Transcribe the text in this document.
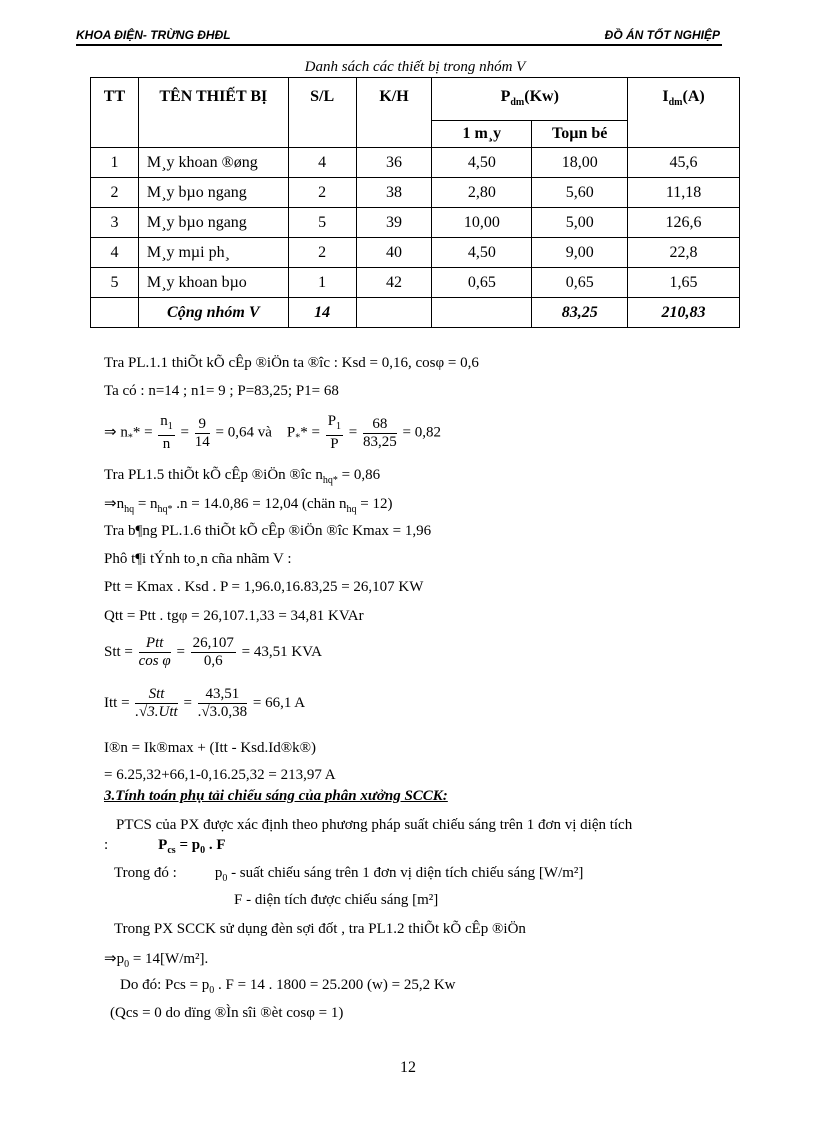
KHOA ĐIỆN- TRỪNG ĐHĐL	ĐỒ ÁN TỐT NGHIỆP
Danh sách các thiết bị trong nhóm V
TT	TÊN THIẾT BỊ	S/L	K/H	$P_{dm}(Kw)$		$I_{dm}(A)$
				1 m¸y	Toµn bé	
1	M¸y khoan ®øng	4	36	4,50	18,00	45,6
2	M¸y bµo ngang	2	38	2,80	5,60	11,18
3	M¸y bµo ngang	5	39	10,00	5,00	126,6
4	M¸y mµi ph¸	2	40	4,50	9,00	22,8
5	M¸y khoan bµo	1	42	0,65	0,65	1,65
	Cộng nhóm V	14			83,25	210,83
Tra PL.1.1 thiÕt kÕ cÊp ®iÖn ta ®îc : Ksd = 0,16, cosφ = 0,6
Ta có : n=14 ; n1= 9 ; P=83,25; P1= 68
⇒ $n_** = \frac{n_1}{n} = \frac{9}{14} = 0,64$ và $P_** = \frac{P_1}{P} = \frac{68}{83,25} = 0,82$
Tra PL1.5 thiÕt kÕ cÊp ®iÖn ®îc $n_{hq*} = 0,86$
$\Rightarrow n_{hq} = n_{hq*}$ .n = 14.0,86 = 12,04 (chän $n_{hq} = 12$)
Tra b¶ng PL.1.6 thiÕt kÕ cÊp ®iÖn ®îc Kmax = 1,96
Phô t¶i tÝnh to¸n cña nhãm V :
Ptt = Kmax . Ksd . P = 1,96.0,16.83,25 = 26,107 KW
Qtt = Ptt . tgφ = 26,107.1,33 = 34,81 KVAr
Stt = $\frac{\text{Ptt}}{\text{cos φ}} = \frac{26,107}{0,6} = 43,51$ KVA
Itt = $\frac{\text{Stt}}{\text{.√3.Utt}} = \frac{43,51}{.√3.0,38} = 66,1$ A
I®n = Ik®max + (Itt - Ksd.Id®k®)
= 6.25,32+66,1-0,16.25,32 = 213,97 A
3.Tính toán phụ tải chiếu sáng của phân xưởng SCCK:
PTCS của PX được xác định theo phương pháp suất chiếu sáng trên 1 đơn vị diện tích
:	$P_{cs} = p_0$ . F
Trong đó :	$p_0$ - suất chiếu sáng trên 1 đơn vị diện tích chiếu sáng [W/m²]
F - diện tích được chiếu sáng [m²]
Trong PX SCCK sử dụng đèn sợi đốt , tra PL1.2 thiÕt kÕ cÊp ®iÖn
$\Rightarrow p_0 = 14[W/m^2]$.
Do đó: Pcs = $p_0$ . F = 14 . 1800 = 25.200 (w) = 25,2 Kw
(Qcs = 0 do dïng ®Ìn sîi ®èt cosφ = 1)
12
